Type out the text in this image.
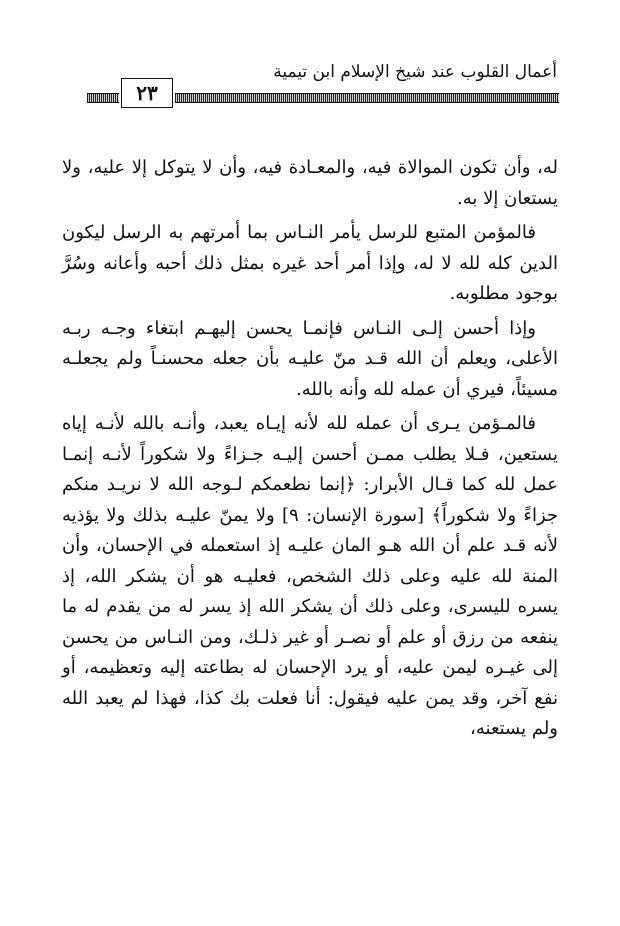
أعمال القلوب عند شيخ الإسلام ابن تيمية
٢٣

له، وأن تكون الموالاة فيه، والمعـادة فيه، وأن لا يتوكل إلا عليه، ولا يستعان إلا به.

فالمؤمن المتبع للرسل يأمر النـاس بما أمرتهم به الرسل ليكون الدين كله لله لا له، وإذا أمر أحد غيره بمثل ذلك أحبه وأعانه وسُرَّ بوجود مطلوبه.

وإذا أحسن إلـى النـاس فإنمـا يحسن إليهـم ابتغاء وجـه ربـه الأعلى، ويعلم أن الله قـد منّ عليـه بأن جعله محسنـاً ولم يجعلـه مسيئاً، فيري أن عمله لله وأنه بالله.

فالمـؤمن يـرى أن عمله لله لأنه إيـاه يعبد، وأنـه بالله لأنـه إياه يستعين، فـلا يطلب ممـن أحسن إليـه جـزاءً ولا شكوراً لأنـه إنمـا عمل لله كما قـال الأبرار: ﴿إنما نطعمكم لـوجه الله لا نريـد منكم جزاءً ولا شكوراً﴾ [سورة الإنسان: ٩] ولا يمنّ عليـه بذلك ولا يؤذيه لأنه قـد علم أن الله هـو المان عليـه إذ استعمله في الإحسان، وأن المنة لله عليه وعلى ذلك الشخص، فعليـه هو أن يشكر الله، إذ يسره لليسرى، وعلى ذلك أن يشكر الله إذ يسر له من يقدم له ما ينفعه من رزق أو علم أو نصـر أو غير ذلـك، ومن النـاس من يحسن إلى غيـره ليمن عليه، أو يرد الإحسان له بطاعته إليه وتعظيمه، أو نفع آخر، وقد يمن عليه فيقول: أنا فعلت بك كذا، فهذا لم يعبد الله ولم يستعنه،
